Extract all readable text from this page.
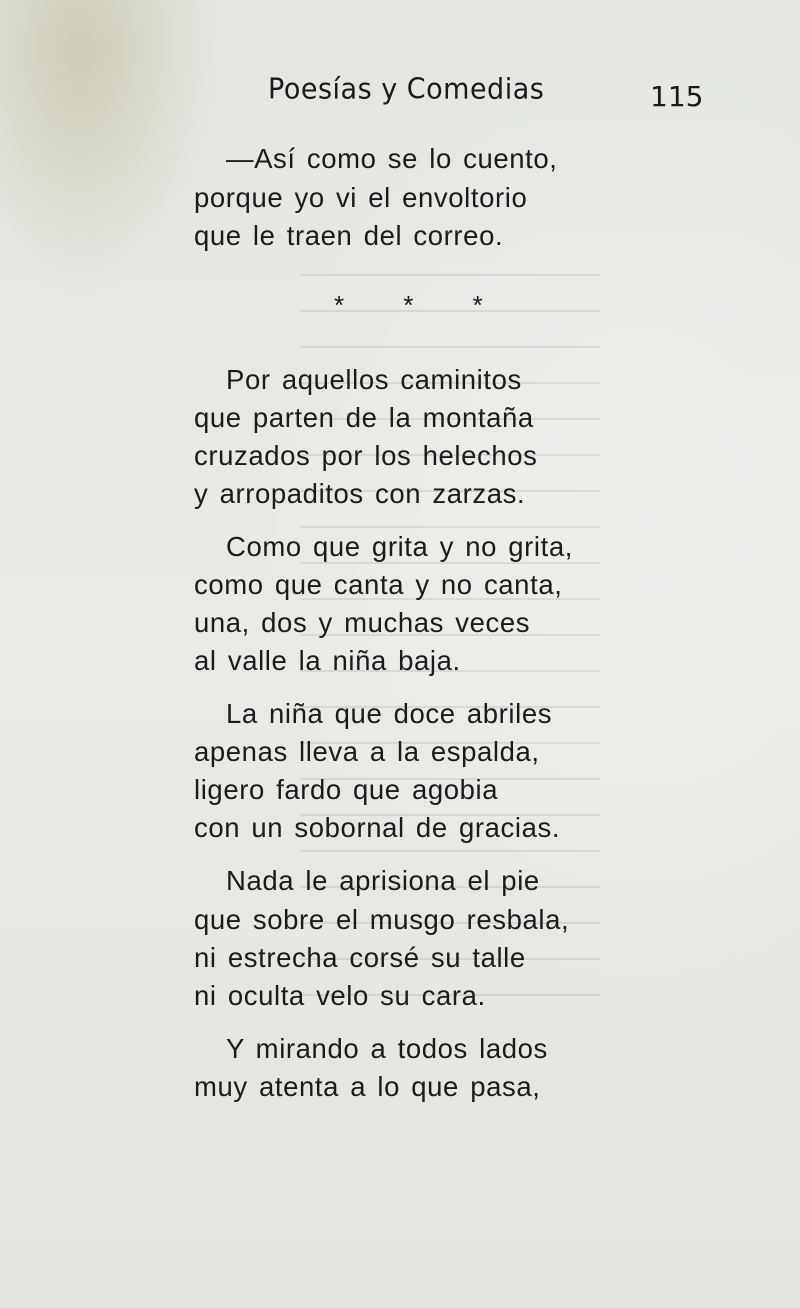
Poesías y Comedias	115
—Así como se lo cuento,
porque yo vi el envoltorio
que le traen del correo.
* * *
Por aquellos caminitos
que parten de la montaña
cruzados por los helechos
y arropaditos con zarzas.
Como que grita y no grita,
como que canta y no canta,
una, dos y muchas veces
al valle la niña baja.
La niña que doce abriles
apenas lleva a la espalda,
ligero fardo que agobia
con un sobornal de gracias.
Nada le aprisiona el pie
que sobre el musgo resbala,
ni estrecha corsé su talle
ni oculta velo su cara.
Y mirando a todos lados
muy atenta a lo que pasa,
